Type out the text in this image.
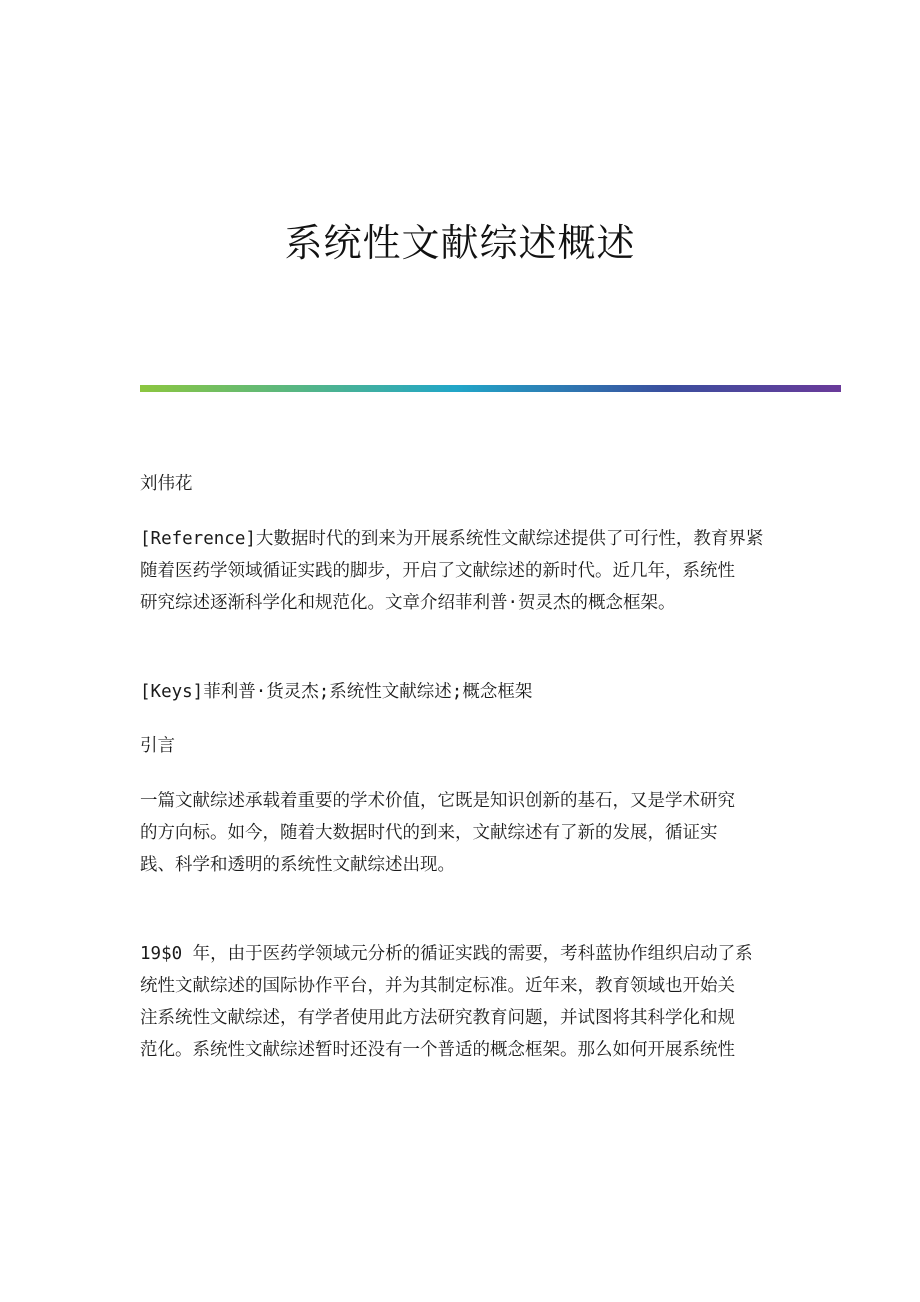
系统性文献综述概述

刘伟花

[Reference]大數据时代的到来为开展系统性文献综述提供了可行性，教育界紧
随着医药学领域循证实践的脚步，开启了文献综述的新时代。近几年，系统性
研究综述逐渐科学化和规范化。文章介绍菲利普·贺灵杰的概念框架。

[Keys]菲利普·货灵杰;系统性文献综述;概念框架

引言

一篇文献综述承载着重要的学术价值，它既是知识创新的基石，又是学术研究
的方向标。如今，随着大数据时代的到来，文献综述有了新的发展，循证实
践、科学和透明的系统性文献综述出现。
19$0 年，由于医药学领域元分析的循证实践的需要，考科蓝协作组织启动了系
统性文献综述的国际协作平台，并为其制定标准。近年来，教育领域也开始关
注系统性文献综述，有学者使用此方法研究教育问题，并试图将其科学化和规
范化。系统性文献综述暂时还没有一个普适的概念框架。那么如何开展系统性
